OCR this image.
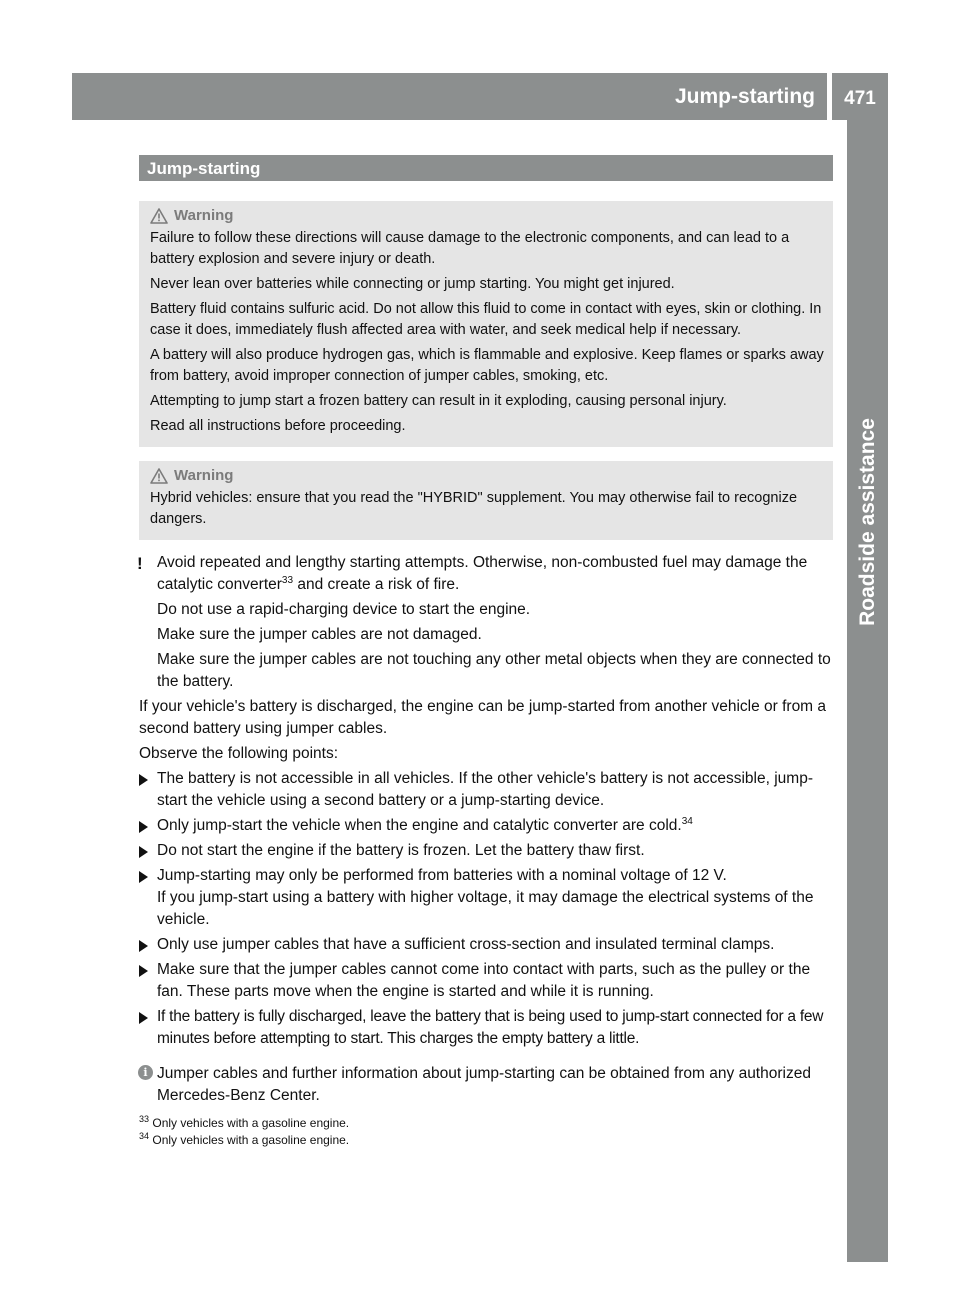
Jump-starting	471
Roadside assistance
Jump-starting
Warning

Failure to follow these directions will cause damage to the electronic components, and can lead to a battery explosion and severe injury or death.

Never lean over batteries while connecting or jump starting. You might get injured.

Battery fluid contains sulfuric acid. Do not allow this fluid to come in contact with eyes, skin or clothing. In case it does, immediately flush affected area with water, and seek medical help if necessary.

A battery will also produce hydrogen gas, which is flammable and explosive. Keep flames or sparks away from battery, avoid improper connection of jumper cables, smoking, etc.

Attempting to jump start a frozen battery can result in it exploding, causing personal injury.

Read all instructions before proceeding.

Warning

Hybrid vehicles: ensure that you read the "HYBRID" supplement. You may otherwise fail to recognize dangers.

! Avoid repeated and lengthy starting attempts. Otherwise, non-combusted fuel may damage the catalytic converter$^{33}$ and create a risk of fire.

Do not use a rapid-charging device to start the engine.

Make sure the jumper cables are not damaged.

Make sure the jumper cables are not touching any other metal objects when they are connected to the battery.

If your vehicle's battery is discharged, the engine can be jump-started from another vehicle or from a second battery using jumper cables.

Observe the following points:

The battery is not accessible in all vehicles. If the other vehicle's battery is not accessible, jump-start the vehicle using a second battery or a jump-starting device.
Only jump-start the vehicle when the engine and catalytic converter are cold.$^{34}$
Do not start the engine if the battery is frozen. Let the battery thaw first.
Jump-starting may only be performed from batteries with a nominal voltage of 12 V.
If you jump-start using a battery with higher voltage, it may damage the electrical systems of the vehicle.
Only use jumper cables that have a sufficient cross-section and insulated terminal clamps.
Make sure that the jumper cables cannot come into contact with parts, such as the pulley or the fan. These parts move when the engine is started and while it is running.
If the battery is fully discharged, leave the battery that is being used to jump-start connected for a few minutes before attempting to start. This charges the empty battery a little.
i Jumper cables and further information about jump-starting can be obtained from any authorized Mercedes-Benz Center.
$^{33}$ Only vehicles with a gasoline engine.
$^{34}$ Only vehicles with a gasoline engine.
